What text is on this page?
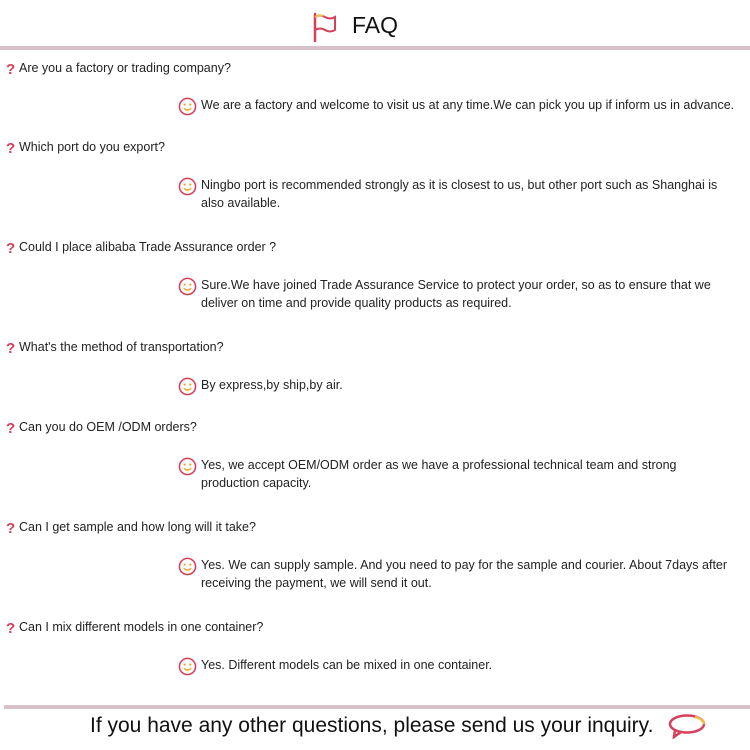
FAQ
? Are you a factory or trading company?
We are a factory and welcome to visit us at any time.We can pick you up if inform us in advance.
? Which port do you export?
Ningbo port is recommended strongly as it is closest to us, but other port such as Shanghai is also available.
? Could I place alibaba Trade Assurance order ?
Sure.We have joined Trade Assurance Service to protect your order, so as to ensure that we deliver on time and provide quality products as required.
? What's the method of transportation?
By express,by ship,by air.
? Can you do OEM /ODM orders?
Yes, we accept OEM/ODM order as we have a professional technical team and strong production capacity.
? Can I get sample and how long will it take?
Yes. We can supply sample. And you need to pay for the sample and courier. About 7days after receiving the payment, we will send it out.
? Can I mix different models in one container?
Yes. Different models can be mixed in one container.
If you have any other questions, please send us your inquiry.
